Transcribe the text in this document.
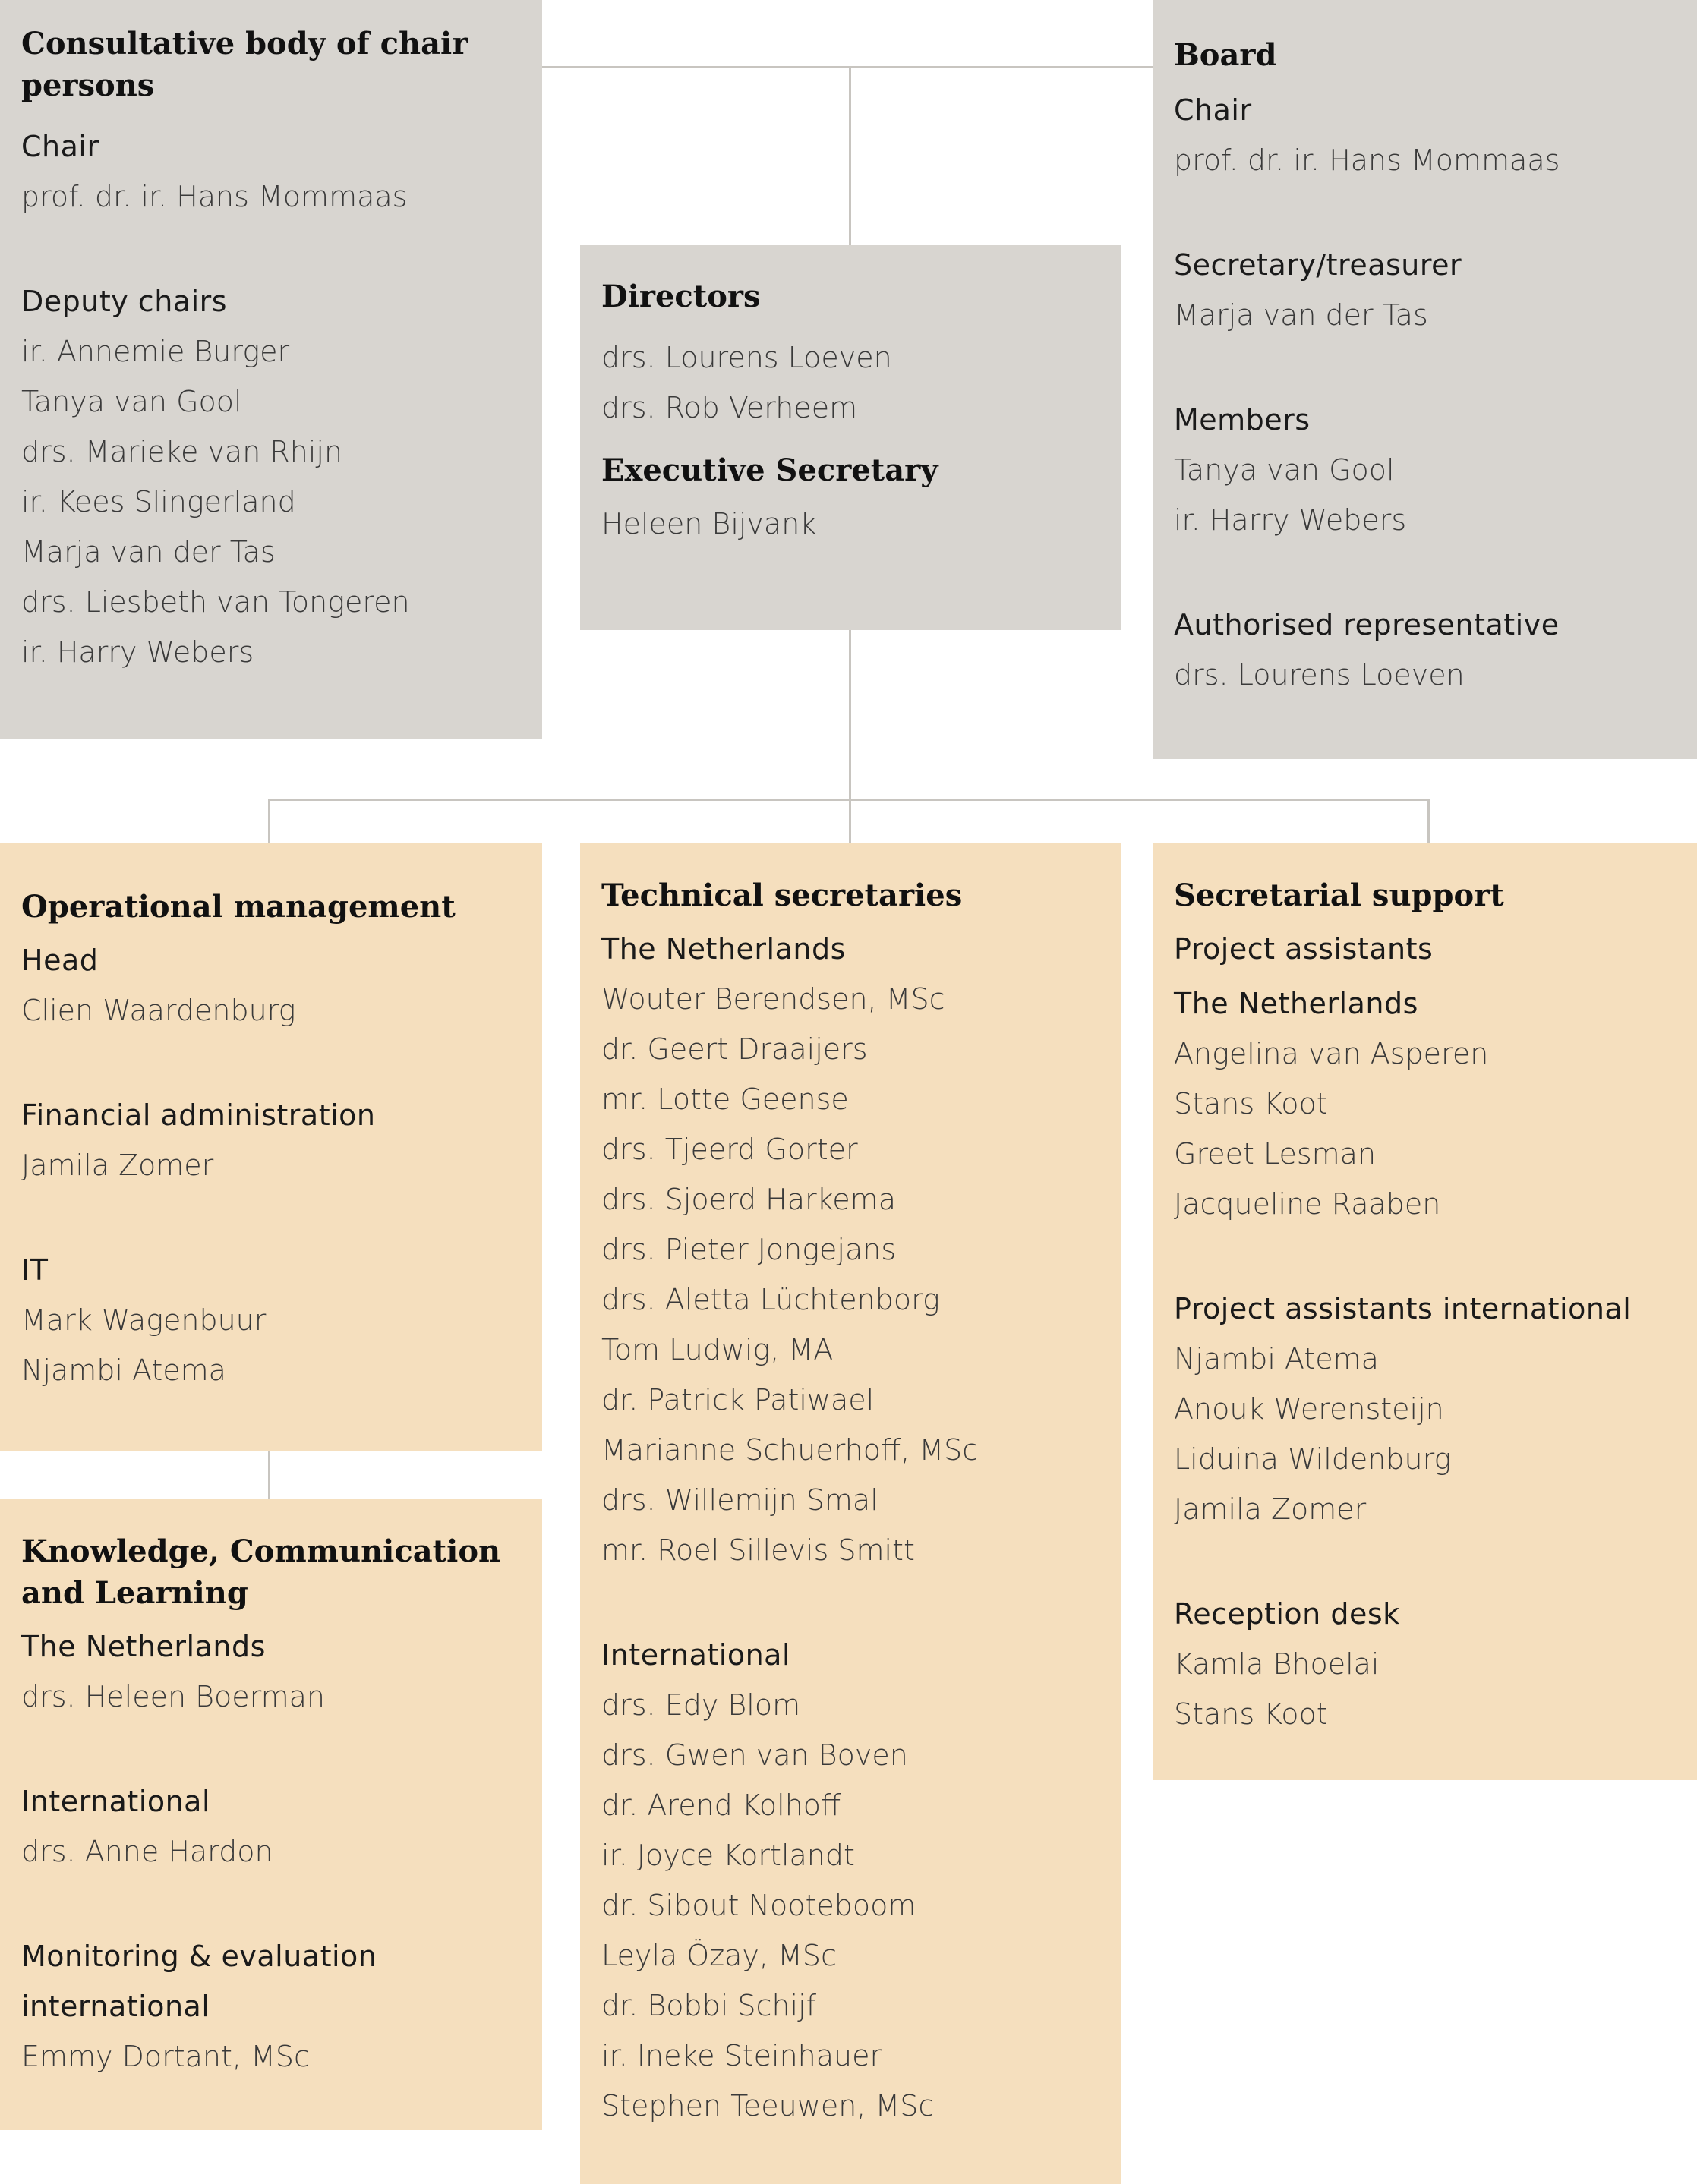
Consultative body of chair persons
Chair
prof. dr. ir. Hans Mommaas
Deputy chairs
ir. Annemie Burger
Tanya van Gool
drs. Marieke van Rhijn
ir. Kees Slingerland
Marja van der Tas
drs. Liesbeth van Tongeren
ir. Harry Webers
Directors
drs. Lourens Loeven
drs. Rob Verheem
Executive Secretary
Heleen Bijvank
Board
Chair
prof. dr. ir. Hans Mommaas
Secretary/treasurer
Marja van der Tas
Members
Tanya van Gool
ir. Harry Webers
Authorised representative
drs. Lourens Loeven
Operational management
Head
Clien Waardenburg
Financial administration
Jamila Zomer
IT
Mark Wagenbuur
Njambi Atema
Knowledge, Communication and Learning
The Netherlands
drs. Heleen Boerman
International
drs. Anne Hardon
Monitoring & evaluation international
Emmy Dortant, MSc
Technical secretaries
The Netherlands
Wouter Berendsen, MSc
dr. Geert Draaijers
mr. Lotte Geense
drs. Tjeerd Gorter
drs. Sjoerd Harkema
drs. Pieter Jongejans
drs. Aletta Lüchtenborg
Tom Ludwig, MA
dr. Patrick Patiwael
Marianne Schuerhoff, MSc
drs. Willemijn Smal
mr. Roel Sillevis Smitt
International
drs. Edy Blom
drs. Gwen van Boven
dr. Arend Kolhoff
ir. Joyce Kortlandt
dr. Sibout Nooteboom
Leyla Özay, MSc
dr. Bobbi Schijf
ir. Ineke Steinhauer
Stephen Teeuwen, MSc
Secretarial support
Project assistants
The Netherlands
Angelina van Asperen
Stans Koot
Greet Lesman
Jacqueline Raaben
Project assistants international
Njambi Atema
Anouk Werensteijn
Liduina Wildenburg
Jamila Zomer
Reception desk
Kamla Bhoelai
Stans Koot
